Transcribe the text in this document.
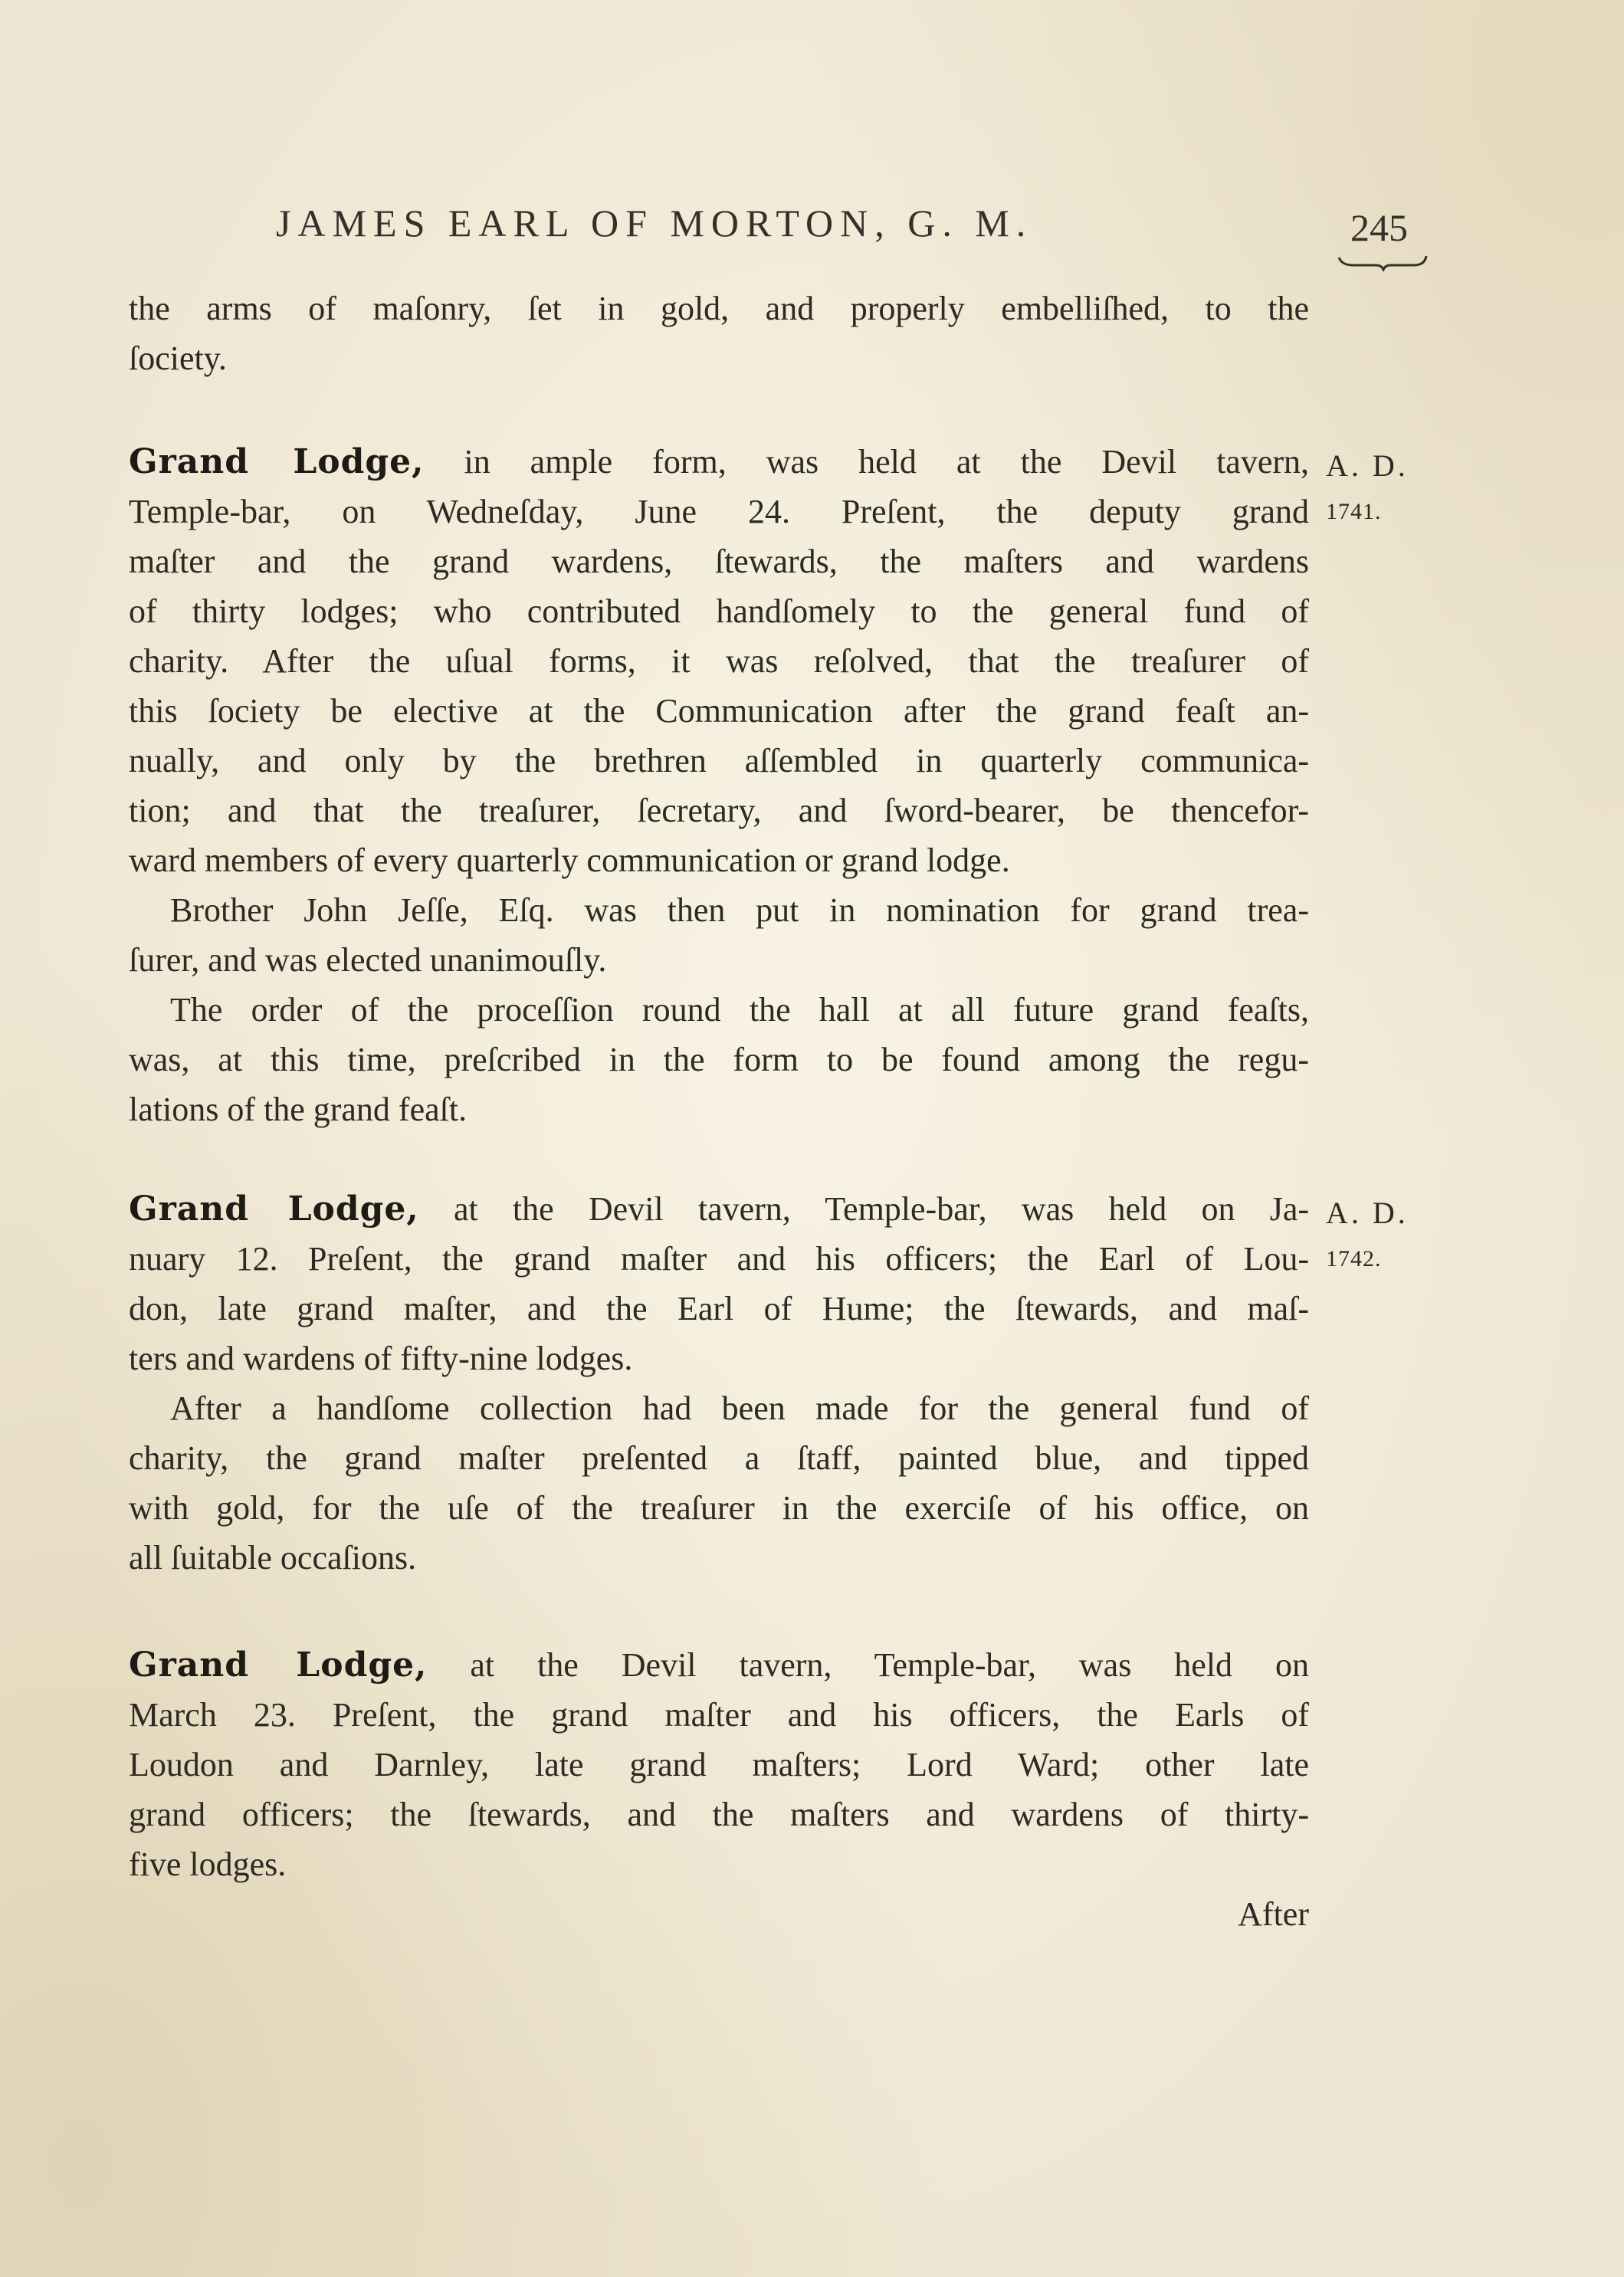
JAMES EARL OF MORTON, G. M.	245
the arms of maſonry, ſet in gold, and properly embelliſhed, to the
ſociety.
Grand Lodge, in ample form, was held at the Devil tavern,
Temple-bar, on Wedneſday, June 24. Preſent, the deputy grand
maſter and the grand wardens, ſtewards, the maſters and wardens
of thirty lodges; who contributed handſomely to the general fund of
charity. After the uſual forms, it was reſolved, that the treaſurer of
this ſociety be elective at the Communication after the grand feaſt an-
nually, and only by the brethren aſſembled in quarterly communica-
tion; and that the treaſurer, ſecretary, and ſword-bearer, be thencefor-
ward members of every quarterly communication or grand lodge.
Brother John Jeſſe, Eſq. was then put in nomination for grand trea-
ſurer, and was elected unanimouſly.
The order of the proceſſion round the hall at all future grand feaſts,
was, at this time, preſcribed in the form to be found among the regu-
lations of the grand feaſt.
A. D.
1741.
Grand Lodge, at the Devil tavern, Temple-bar, was held on Ja-
nuary 12. Preſent, the grand maſter and his officers; the Earl of Lou-
don, late grand maſter, and the Earl of Hume; the ſtewards, and maſ-
ters and wardens of fifty-nine lodges.
After a handſome collection had been made for the general fund of
charity, the grand maſter preſented a ſtaff, painted blue, and tipped
with gold, for the uſe of the treaſurer in the exerciſe of his office, on
all ſuitable occaſions.
A. D.
1742.
Grand Lodge, at the Devil tavern, Temple-bar, was held on
March 23. Preſent, the grand maſter and his officers, the Earls of
Loudon and Darnley, late grand maſters; Lord Ward; other late
grand officers; the ſtewards, and the maſters and wardens of thirty-
five lodges.
After
